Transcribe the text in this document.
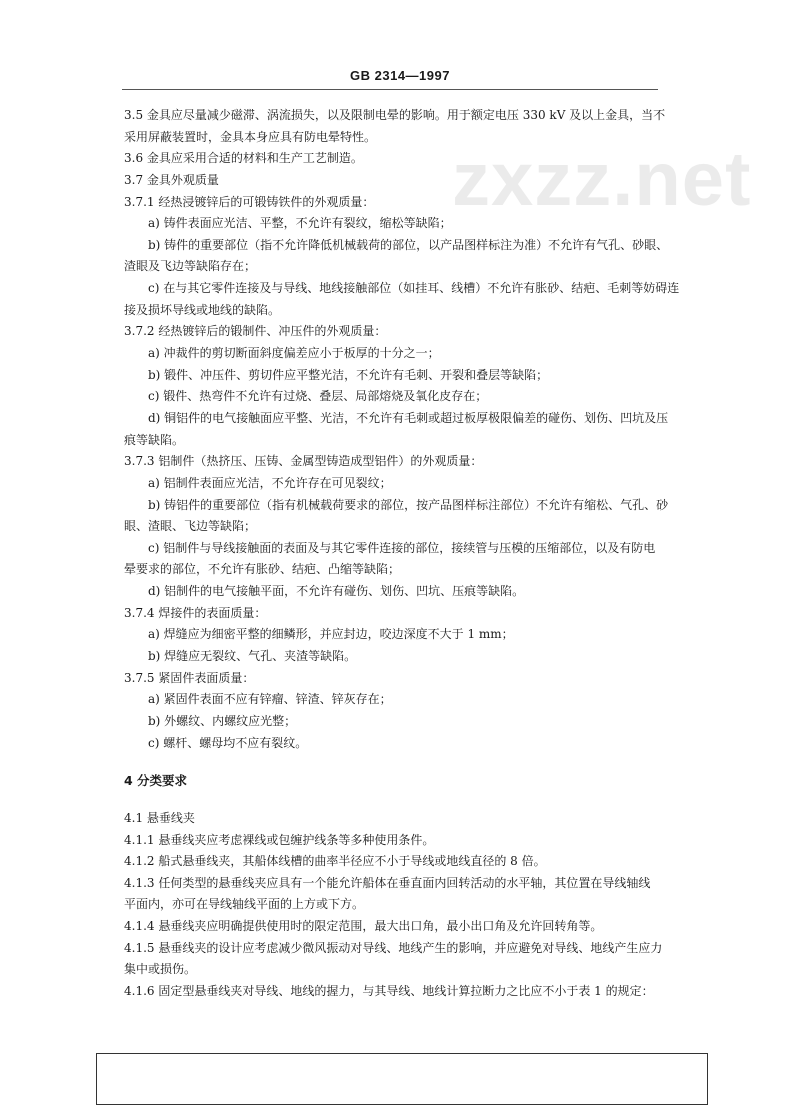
GB 2314—1997
zxzz.net
3.5 金具应尽量减少磁滞、涡流损失，以及限制电晕的影响。用于额定电压 330 kV 及以上金具，当不
采用屏蔽装置时，金具本身应具有防电晕特性。
3.6 金具应采用合适的材料和生产工艺制造。
3.7 金具外观质量
3.7.1 经热浸镀锌后的可锻铸铁件的外观质量：
a) 铸件表面应光洁、平整，不允许有裂纹，缩松等缺陷；
b) 铸件的重要部位（指不允许降低机械载荷的部位，以产品图样标注为准）不允许有气孔、砂眼、
渣眼及飞边等缺陷存在；
c) 在与其它零件连接及与导线、地线接触部位（如挂耳、线槽）不允许有胀砂、结疤、毛刺等妨碍连
接及损坏导线或地线的缺陷。
3.7.2 经热镀锌后的锻制件、冲压件的外观质量：
a) 冲裁件的剪切断面斜度偏差应小于板厚的十分之一；
b) 锻件、冲压件、剪切件应平整光洁，不允许有毛刺、开裂和叠层等缺陷；
c) 锻件、热弯件不允许有过烧、叠层、局部熔烧及氧化皮存在；
d) 铜铝件的电气接触面应平整、光洁，不允许有毛刺或超过板厚极限偏差的碰伤、划伤、凹坑及压
痕等缺陷。
3.7.3 铝制件（热挤压、压铸、金属型铸造成型铝件）的外观质量：
a) 铝制件表面应光洁，不允许存在可见裂纹；
b) 铸铝件的重要部位（指有机械载荷要求的部位，按产品图样标注部位）不允许有缩松、气孔、砂
眼、渣眼、飞边等缺陷；
c) 铝制件与导线接触面的表面及与其它零件连接的部位，接续管与压模的压缩部位，以及有防电
晕要求的部位，不允许有胀砂、结疤、凸缩等缺陷；
d) 铝制件的电气接触平面，不允许有碰伤、划伤、凹坑、压痕等缺陷。
3.7.4 焊接件的表面质量：
a) 焊缝应为细密平整的细鳞形，并应封边，咬边深度不大于 1 mm；
b) 焊缝应无裂纹、气孔、夹渣等缺陷。
3.7.5 紧固件表面质量：
a) 紧固件表面不应有锌瘤、锌渣、锌灰存在；
b) 外螺纹、内螺纹应光整；
c) 螺杆、螺母均不应有裂纹。
4 分类要求
4.1 悬垂线夹
4.1.1 悬垂线夹应考虑裸线或包缠护线条等多种使用条件。
4.1.2 船式悬垂线夹，其船体线槽的曲率半径应不小于导线或地线直径的 8 倍。
4.1.3 任何类型的悬垂线夹应具有一个能允许船体在垂直面内回转活动的水平轴，其位置在导线轴线
平面内，亦可在导线轴线平面的上方或下方。
4.1.4 悬垂线夹应明确提供使用时的限定范围，最大出口角，最小出口角及允许回转角等。
4.1.5 悬垂线夹的设计应考虑减少微风振动对导线、地线产生的影响，并应避免对导线、地线产生应力
集中或损伤。
4.1.6 固定型悬垂线夹对导线、地线的握力，与其导线、地线计算拉断力之比应不小于表 1 的规定：
